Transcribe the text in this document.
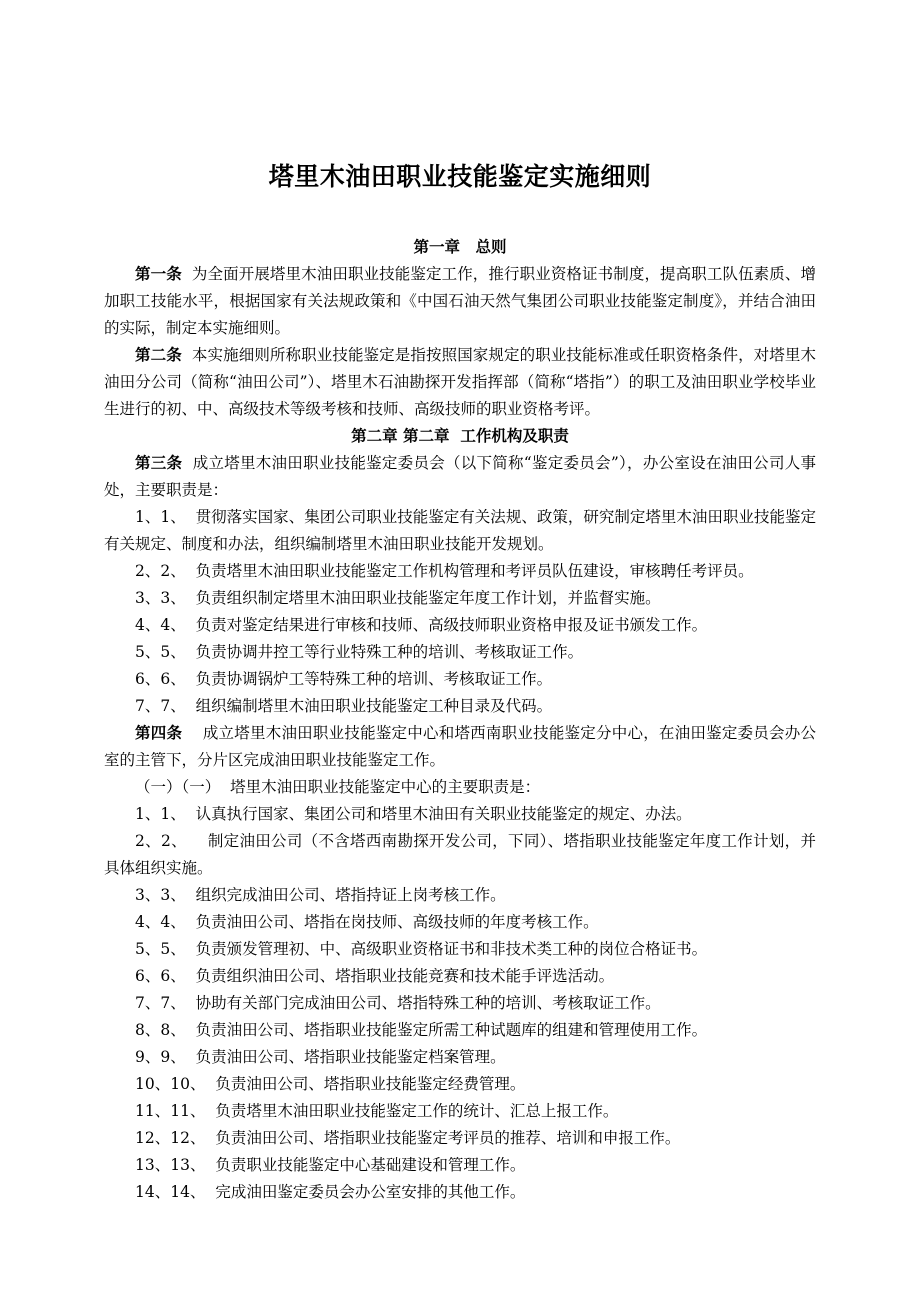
塔里木油田职业技能鉴定实施细则

第一章　总则

第一条 为全面开展塔里木油田职业技能鉴定工作，推行职业资格证书制度，提高职工队伍素质、增加职工技能水平，根据国家有关法规政策和《中国石油天然气集团公司职业技能鉴定制度》，并结合油田的实际，制定本实施细则。

第二条 本实施细则所称职业技能鉴定是指按照国家规定的职业技能标准或任职资格条件，对塔里木油田分公司（简称“油田公司”）、塔里木石油勘探开发指挥部（简称“塔指”）的职工及油田职业学校毕业生进行的初、中、高级技术等级考核和技师、高级技师的职业资格考评。

第二章 第二章  工作机构及职责

第三条 成立塔里木油田职业技能鉴定委员会（以下简称“鉴定委员会”），办公室设在油田公司人事处，主要职责是：

1、1、 贯彻落实国家、集团公司职业技能鉴定有关法规、政策，研究制定塔里木油田职业技能鉴定有关规定、制度和办法，组织编制塔里木油田职业技能开发规划。

2、2、 负责塔里木油田职业技能鉴定工作机构管理和考评员队伍建设，审核聘任考评员。

3、3、 负责组织制定塔里木油田职业技能鉴定年度工作计划，并监督实施。

4、4、 负责对鉴定结果进行审核和技师、高级技师职业资格申报及证书颁发工作。

5、5、 负责协调井控工等行业特殊工种的培训、考核取证工作。

6、6、 负责协调锅炉工等特殊工种的培训、考核取证工作。

7、7、 组织编制塔里木油田职业技能鉴定工种目录及代码。

第四条 成立塔里木油田职业技能鉴定中心和塔西南职业技能鉴定分中心，在油田鉴定委员会办公室的主管下，分片区完成油田职业技能鉴定工作。

（一）（一） 塔里木油田职业技能鉴定中心的主要职责是：

1、1、 认真执行国家、集团公司和塔里木油田有关职业技能鉴定的规定、办法。

2、2、 制定油田公司（不含塔西南勘探开发公司，下同）、塔指职业技能鉴定年度工作计划，并具体组织实施。

3、3、 组织完成油田公司、塔指持证上岗考核工作。

4、4、 负责油田公司、塔指在岗技师、高级技师的年度考核工作。

5、5、 负责颁发管理初、中、高级职业资格证书和非技术类工种的岗位合格证书。

6、6、 负责组织油田公司、塔指职业技能竞赛和技术能手评选活动。

7、7、 协助有关部门完成油田公司、塔指特殊工种的培训、考核取证工作。

8、8、 负责油田公司、塔指职业技能鉴定所需工种试题库的组建和管理使用工作。

9、9、 负责油田公司、塔指职业技能鉴定档案管理。

10、10、 负责油田公司、塔指职业技能鉴定经费管理。

11、11、 负责塔里木油田职业技能鉴定工作的统计、汇总上报工作。

12、12、 负责油田公司、塔指职业技能鉴定考评员的推荐、培训和申报工作。

13、13、 负责职业技能鉴定中心基础建设和管理工作。

14、14、 完成油田鉴定委员会办公室安排的其他工作。
